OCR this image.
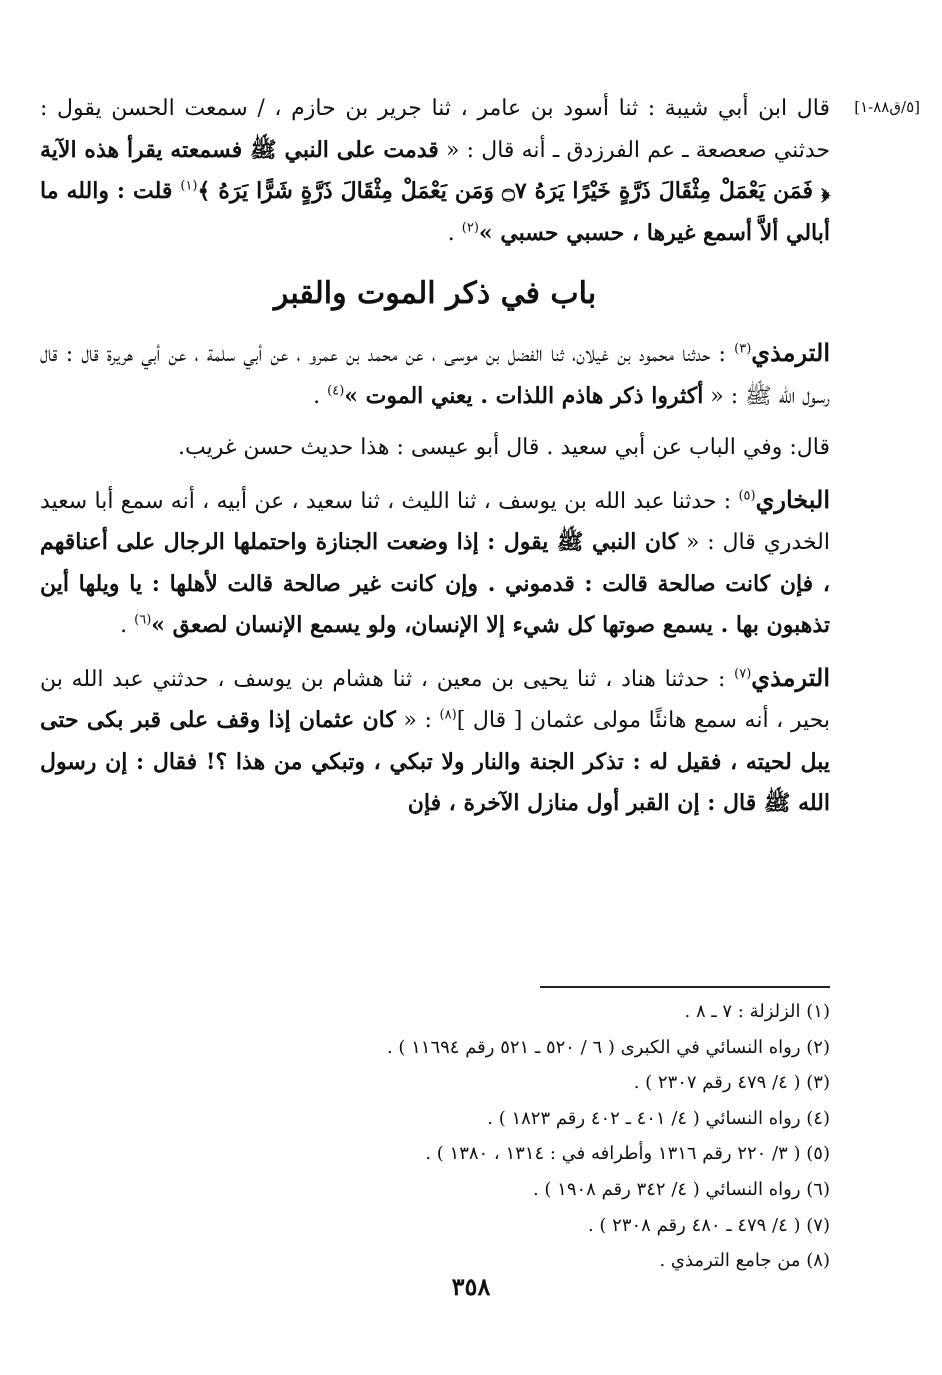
[٥/ق٨٨-١]

قال ابن أبي شيبة : ثنا أسود بن عامر ، ثنا جرير بن حازم ، / سمعت الحسن يقول : حدثني صعصعة ـ عم الفرزدق ـ أنه قال : « قدمت على النبي ﷺ فسمعته يقرأ هذه الآية ﴿ فَمَن يَعْمَلْ مِثْقَالَ ذَرَّةٍ خَيْرًا يَرَهُ ۝٧ وَمَن يَعْمَلْ مِثْقَالَ ذَرَّةٍ شَرًّا يَرَهُ ﴾$^{(١)}$ قلت : والله ما أبالي ألاَّ أسمع غيرها ، حسبي حسبي »$^{(٢)}$ .

باب في ذكر الموت والقبر

الترمذي$^{(٣)}$ : حدثنا محمود بن غيلان، ثنا الفضل بن موسى ، عن محمد بن عمرو ، عن أبي سلمة ، عن أبي هريرة قال : قال رسول الله ﷺ : « أكثروا ذكر هاذم اللذات . يعني الموت »$^{(٤)}$ .

قال: وفي الباب عن أبي سعيد . قال أبو عيسى : هذا حديث حسن غريب.

البخاري$^{(٥)}$ : حدثنا عبد الله بن يوسف ، ثنا الليث ، ثنا سعيد ، عن أبيه ، أنه سمع أبا سعيد الخدري قال : « كان النبي ﷺ يقول : إذا وضعت الجنازة واحتملها الرجال على أعناقهم ، فإن كانت صالحة قالت : قدموني . وإن كانت غير صالحة قالت لأهلها : يا ويلها أين تذهبون بها . يسمع صوتها كل شيء إلا الإنسان، ولو يسمع الإنسان لصعق »$^{(٦)}$ .

الترمذي$^{(٧)}$ : حدثنا هناد ، ثنا يحيى بن معين ، ثنا هشام بن يوسف ، حدثني عبد الله بن بحير ، أنه سمع هانئًا مولى عثمان [ قال ]$^{(٨)}$ : « كان عثمان إذا وقف على قبر بكى حتى يبل لحيته ، فقيل له : تذكر الجنة والنار ولا تبكي ، وتبكي من هذا ؟! فقال : إن رسول الله ﷺ قال : إن القبر أول منازل الآخرة ، فإن

(١) الزلزلة : ٧ ـ ٨ .

(٢) رواه النسائي في الكبرى ( ٦ / ٥٢٠ ـ ٥٢١ رقم ١١٦٩٤ ) .

(٣) ( ٤/ ٤٧٩ رقم ٢٣٠٧ ) .

(٤) رواه النسائي ( ٤/ ٤٠١ ـ ٤٠٢ رقم ١٨٢٣ ) .

(٥) ( ٣/ ٢٢٠ رقم ١٣١٦ وأطرافه في : ١٣١٤ ، ١٣٨٠ ) .

(٦) رواه النسائي ( ٤/ ٣٤٢ رقم ١٩٠٨ ) .

(٧) ( ٤/ ٤٧٩ ـ ٤٨٠ رقم ٢٣٠٨ ) .

(٨) من جامع الترمذي .

٣٥٨
